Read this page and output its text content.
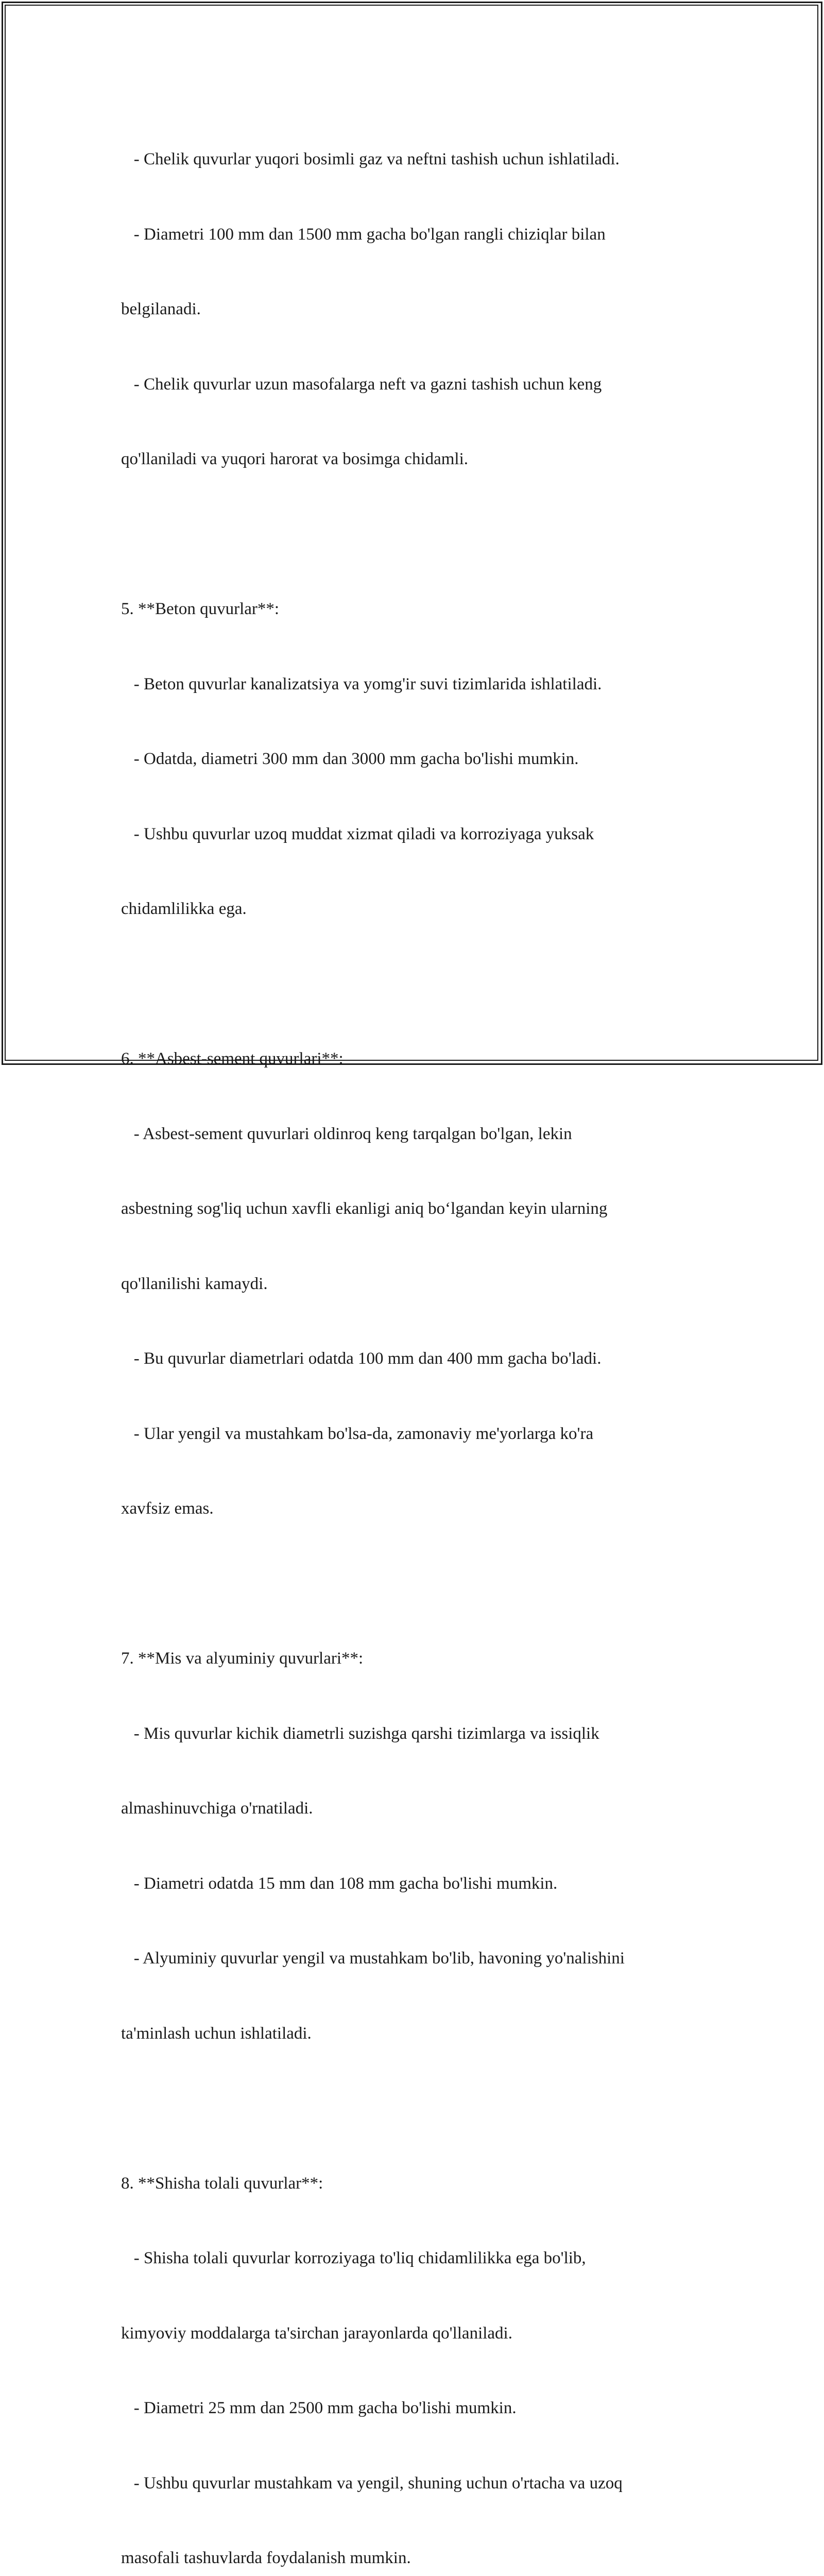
- Chelik quvurlar yuqori bosimli gaz va neftni tashish uchun ishlatiladi.

- Diametri 100 mm dan 1500 mm gacha bo'lgan rangli chiziqlar bilan

belgilanadi.

- Chelik quvurlar uzun masofalarga neft va gazni tashish uchun keng

qo'llaniladi va yuqori harorat va bosimga chidamli.

5. **Beton quvurlar**:

- Beton quvurlar kanalizatsiya va yomg'ir suvi tizimlarida ishlatiladi.

- Odatda, diametri 300 mm dan 3000 mm gacha bo'lishi mumkin.

- Ushbu quvurlar uzoq muddat xizmat qiladi va korroziyaga yuksak

chidamlilikka ega.

6. **Asbest-sement quvurlari**:

- Asbest-sement quvurlari oldinroq keng tarqalgan bo'lgan, lekin

asbestning sog'liq uchun xavfli ekanligi aniq bo‘lgandan keyin ularning

qo'llanilishi kamaydi.

- Bu quvurlar diametrlari odatda 100 mm dan 400 mm gacha bo'ladi.

- Ular yengil va mustahkam bo'lsa-da, zamonaviy me'yorlarga ko'ra

xavfsiz emas.

7. **Mis va alyuminiy quvurlari**:

- Mis quvurlar kichik diametrli suzishga qarshi tizimlarga va issiqlik

almashinuvchiga o'rnatiladi.

- Diametri odatda 15 mm dan 108 mm gacha bo'lishi mumkin.

- Alyuminiy quvurlar yengil va mustahkam bo'lib, havoning yo'nalishini

ta'minlash uchun ishlatiladi.

8. **Shisha tolali quvurlar**:

- Shisha tolali quvurlar korroziyaga to'liq chidamlilikka ega bo'lib,

kimyoviy moddalarga ta'sirchan jarayonlarda qo'llaniladi.

- Diametri 25 mm dan 2500 mm gacha bo'lishi mumkin.

- Ushbu quvurlar mustahkam va yengil, shuning uchun o'rtacha va uzoq

masofali tashuvlarda foydalanish mumkin.
